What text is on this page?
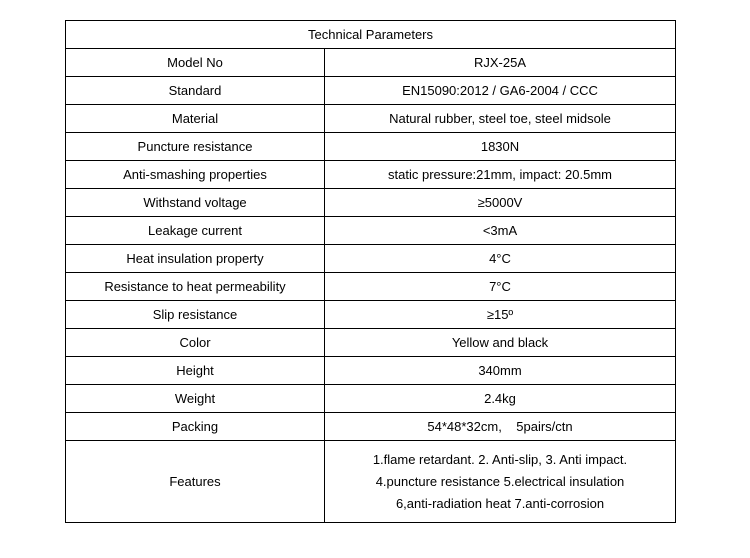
Technical Parameters	
Model No	RJX-25A
Standard	EN15090:2012 / GA6-2004 / CCC
Material	Natural rubber, steel toe, steel midsole
Puncture resistance	1830N
Anti-smashing properties	static pressure:21mm, impact: 20.5mm
Withstand voltage	≥5000V
Leakage current	<3mA
Heat insulation property	4°C
Resistance to heat permeability	7°C
Slip resistance	≥15º
Color	Yellow and black
Height	340mm
Weight	2.4kg
Packing	54*48*32cm,    5pairs/ctn
Features	1.flame retardant. 2. Anti-slip, 3. Anti impact.
4.puncture resistance 5.electrical insulation
6,anti-radiation heat 7.anti-corrosion
